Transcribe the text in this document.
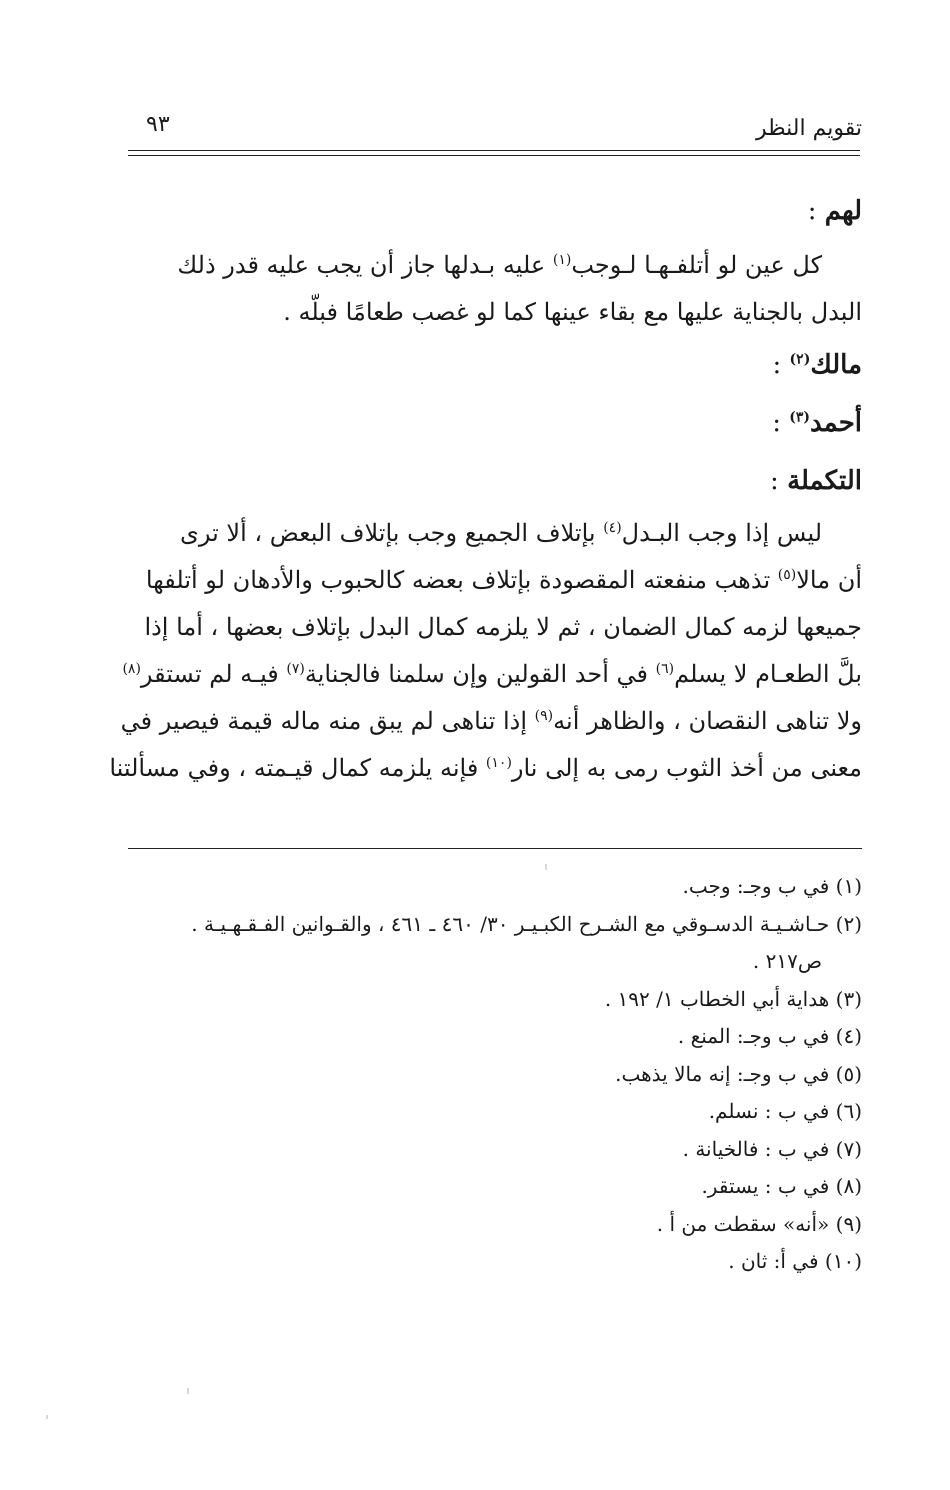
تقويم النظر
٩٣
لهم :
كل عين لو أتلفـهـا لـوجب$^{(١)}$ عليه بـدلها جاز أن يجب عليه قدر ذلك
البدل بالجناية عليها مع بقاء عينها كما لو غصب طعامًا فبلّه .
مالك$^{(٢)}$ :
أحمد$^{(٣)}$ :
التكملة :
ليس إذا وجب البـدل$^{(٤)}$ بإتلاف الجميع وجب بإتلاف البعض ، ألا ترى
أن مالا$^{(٥)}$ تذهب منفعته المقصودة بإتلاف بعضه كالحبوب والأدهان لو أتلفها
جميعها لزمه كمال الضمان ، ثم لا يلزمه كمال البدل بإتلاف بعضها ، أما إذا
بلَّ الطعـام لا يسلم$^{(٦)}$ في أحد القولين وإن سلمنا فالجناية$^{(٧)}$ فيـه لم تستقر$^{(٨)}$
ولا تناهى النقصان ، والظاهر أنه$^{(٩)}$ إذا تناهى لم يبق منه ماله قيمة فيصير في
معنى من أخذ الثوب رمى به إلى نار$^{(١٠)}$ فإنه يلزمه كمال قيـمته ، وفي مسألتنا
(١) في ب وجـ: وجب.
(٢) حـاشـيـة الدسـوقي مع الشـرح الكبـيـر ٣٠/ ٤٦٠ ـ ٤٦١ ، والقـوانين الفـقـهـيـة .
ص٢١٧ .
(٣) هداية أبي الخطاب ١/ ١٩٢ .
(٤) في ب وجـ: المنع .
(٥) في ب وجـ: إنه مالا يذهب.
(٦) في ب : نسلم.
(٧) في ب : فالخيانة .
(٨) في ب : يستقر.
(٩) «أنه» سقطت من أ .
(١٠) في أ: ثان .
